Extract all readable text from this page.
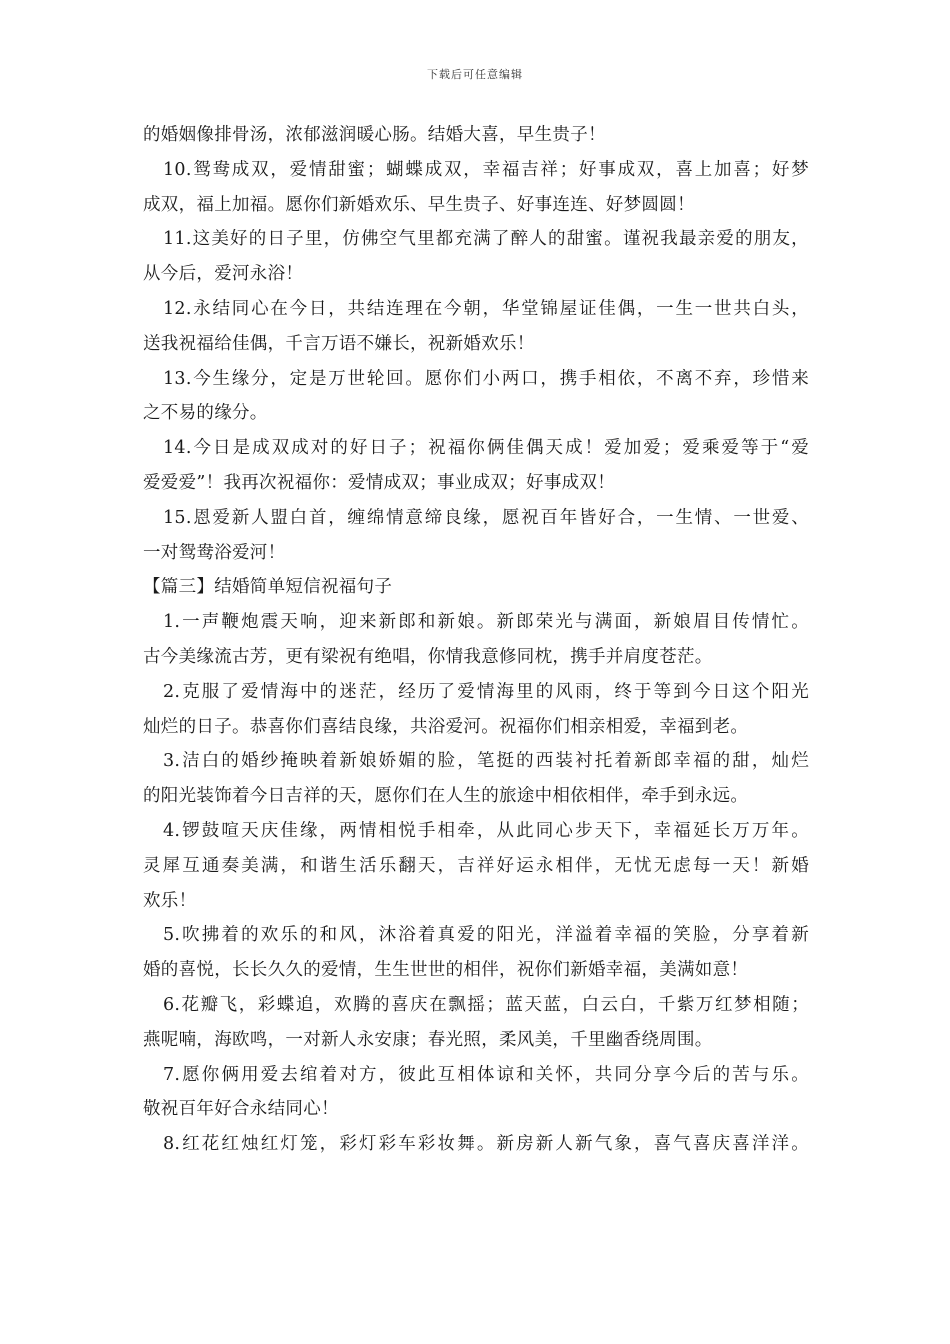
下载后可任意编辑
的婚姻像排骨汤，浓郁滋润暖心肠。结婚大喜，早生贵子！
10.鸳鸯成双，爱情甜蜜；蝴蝶成双，幸福吉祥；好事成双，喜上加喜；好梦
成双，福上加福。愿你们新婚欢乐、早生贵子、好事连连、好梦圆圆！
11.这美好的日子里，仿佛空气里都充满了醉人的甜蜜。谨祝我最亲爱的朋友，
从今后，爱河永浴！
12.永结同心在今日，共结连理在今朝，华堂锦屋证佳偶，一生一世共白头，
送我祝福给佳偶，千言万语不嫌长，祝新婚欢乐！
13.今生缘分，定是万世轮回。愿你们小两口，携手相依，不离不弃，珍惜来
之不易的缘分。
14.今日是成双成对的好日子；祝福你俩佳偶天成！爱加爱；爱乘爱等于“爱
爱爱爱”！我再次祝福你：爱情成双；事业成双；好事成双！
15.恩爱新人盟白首，缠绵情意缔良缘，愿祝百年皆好合，一生情、一世爱、
一对鸳鸯浴爱河！
【篇三】结婚简单短信祝福句子
1.一声鞭炮震天响，迎来新郎和新娘。新郎荣光与满面，新娘眉目传情忙。
古今美缘流古芳，更有梁祝有绝唱，你情我意修同枕，携手并肩度苍茫。
2.克服了爱情海中的迷茫，经历了爱情海里的风雨，终于等到今日这个阳光
灿烂的日子。恭喜你们喜结良缘，共浴爱河。祝福你们相亲相爱，幸福到老。
3.洁白的婚纱掩映着新娘娇媚的脸，笔挺的西装衬托着新郎幸福的甜，灿烂
的阳光装饰着今日吉祥的天，愿你们在人生的旅途中相依相伴，牵手到永远。
4.锣鼓喧天庆佳缘，两情相悦手相牵，从此同心步天下，幸福延长万万年。
灵犀互通奏美满，和谐生活乐翻天，吉祥好运永相伴，无忧无虑每一天！新婚
欢乐！
5.吹拂着的欢乐的和风，沐浴着真爱的阳光，洋溢着幸福的笑脸，分享着新
婚的喜悦，长长久久的爱情，生生世世的相伴，祝你们新婚幸福，美满如意！
6.花瓣飞，彩蝶追，欢腾的喜庆在飘摇；蓝天蓝，白云白，千紫万红梦相随；
燕呢喃，海欧鸣，一对新人永安康；春光照，柔风美，千里幽香绕周围。
7.愿你俩用爱去绾着对方，彼此互相体谅和关怀，共同分享今后的苦与乐。
敬祝百年好合永结同心！
8.红花红烛红灯笼，彩灯彩车彩妆舞。新房新人新气象，喜气喜庆喜洋洋。
